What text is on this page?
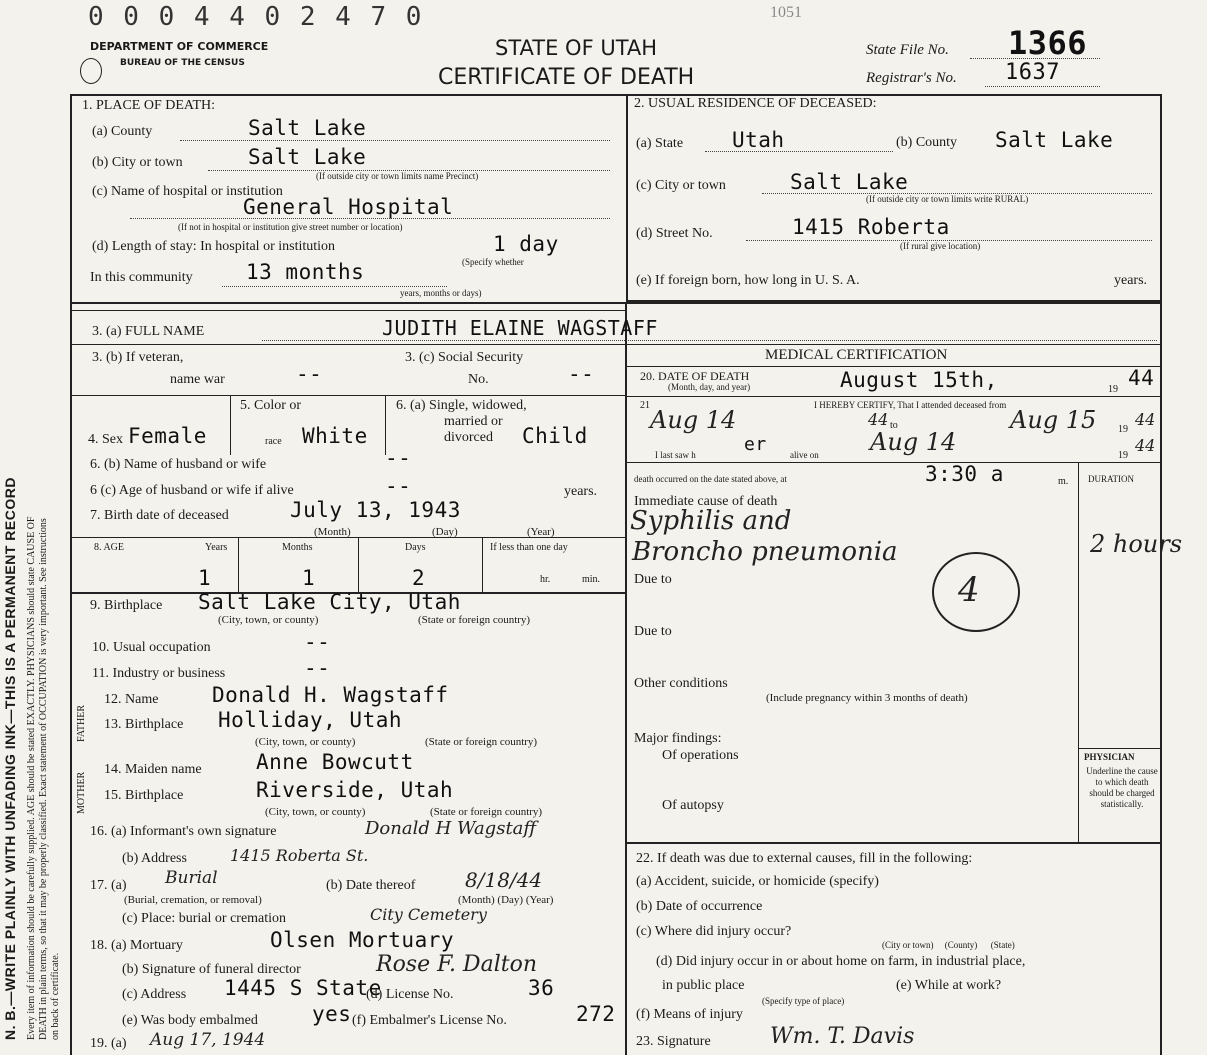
0 0 0 4 4 0 2 4 7 0	1051
DEPARTMENT OF COMMERCE
BUREAU OF THE CENSUS
STATE OF UTAH
CERTIFICATE OF DEATH
State File No. 1366
Registrar's No. 1637
N. B.—WRITE PLAINLY WITH UNFADING INK—THIS IS A PERMANENT RECORD Every item of information should be carefully supplied. AGE should be stated EXACTLY. PHYSICIANS should state CAUSE OF DEATH in plain terms, so that it may be properly classified. Exact statement of OCCUPATION is very important. See instructions on back of certificate.
1. PLACE OF DEATH:
(a) County	Salt Lake
(b) City or town	Salt Lake
(If outside city or town limits name Precinct)
(c) Name of hospital or institution
General Hospital
(If not in hospital or institution give street number or location)
(d) Length of stay: In hospital or institution	1 day
(Specify whether
In this community	13 months
years, months or days)
2. USUAL RESIDENCE OF DECEASED:
(a) State Utah	(b) County Salt Lake
(c) City or town	Salt Lake
(If outside city or town limits write RURAL)
(d) Street No.	1415 Roberta
(If rural give location)
(e) If foreign born, how long in U. S. A.	years.
3. (a) FULL NAME	JUDITH ELAINE WAGSTAFF
3. (b) If veteran,
name war	--
3. (c) Social Security
No.	--
5. Color or
4. Sex Female	race White
6. (a) Single, widowed,
married or
divorced Child
6. (b) Name of husband or wife	--
6 (c) Age of husband or wife if alive	--	years.
7. Birth date of deceased	July 13, 1943
(Month)	(Day)	(Year)
8. AGE	Years	Months	Days	If less than one day
1	1	2	hr.	min.
9. Birthplace Salt Lake City, Utah
(City, town, or county)	(State or foreign country)
10. Usual occupation	--
11. Industry or business	--
FATHER
MOTHER
12. Name	Donald H. Wagstaff
13. Birthplace Holliday, Utah
(City, town, or county)	(State or foreign country)
14. Maiden name	Anne Bowcutt
15. Birthplace	Riverside, Utah
(City, town, or county)	(State or foreign country)
16. (a) Informant's own signature	Donald H Wagstaff
(b) Address	1415 Roberta St.
17. (a) Burial
(Burial, cremation, or removal)
(b) Date thereof 8/18/44
(Month) (Day) (Year)
(c) Place: burial or cremation	City Cemetery
18. (a) Mortuary	Olsen Mortuary
(b) Signature of funeral director	Rose F. Dalton
(c) Address 1445 S State
(d) License No.	36
(e) Was body embalmed	yes (f) Embalmer's License No.	272
19. (a) Aug 17, 1944
MEDICAL CERTIFICATION
20. DATE OF DEATH
(Month, day, and year)	August 15th,	19 44
21	I HEREBY CERTIFY, That I attended deceased from
Aug 14	44 to	Aug 15 19
44
I last saw h	er	alive on Aug 14	19
44
death occurred on the date stated above, at	3:30 a	m. DURATION
Immediate cause of death
Syphilis and
Broncho pneumonia	2 hours
4
Due to
Due to
Other conditions
(Include pregnancy within 3 months of death)
Major findings:
Of operations
Of autopsy
PHYSICIAN
Underline the cause to which death should be charged statistically.
22. If death was due to external causes, fill in the following:
(a) Accident, suicide, or homicide (specify)
(b) Date of occurrence
(c) Where did injury occur?
(City or town)     (County)      (State)
(d) Did injury occur in or about home on farm, in industrial place,
in public place
(Specify type of place)
(e) While at work?
(f) Means of injury
23. Signature	Wm. T. Davis
